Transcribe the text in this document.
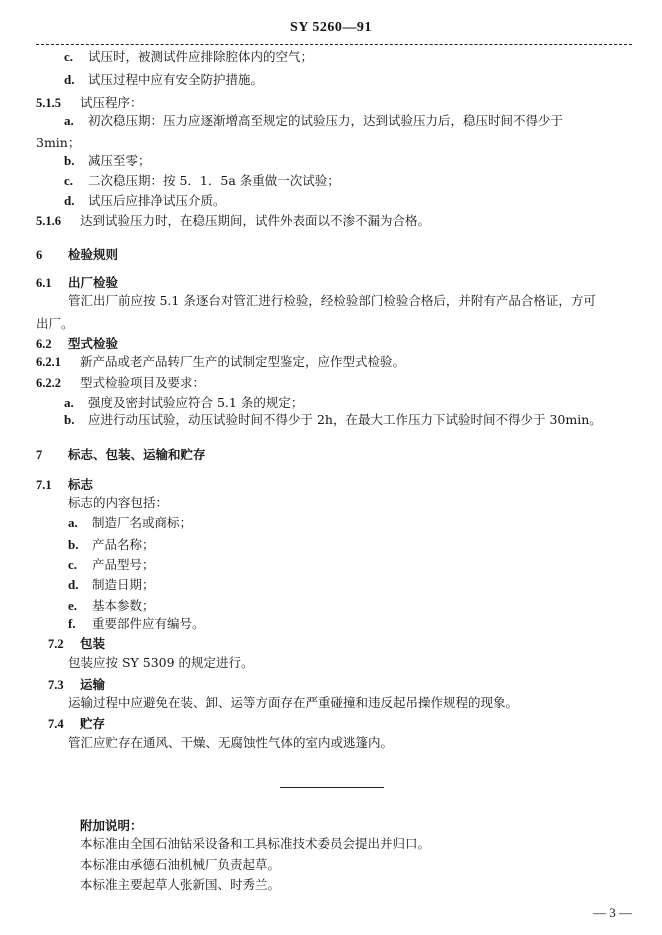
SY 5260—91
c. 试压时，被测试件应排除腔体内的空气；
d. 试压过程中应有安全防护措施。
5.1.5 试压程序：
a. 初次稳压期：压力应逐渐增高至规定的试验压力，达到试验压力后，稳压时间不得少于
3min；
b. 减压至零；
c. 二次稳压期：按 5．1．5a 条重做一次试验；
d. 试压后应排净试压介质。
5.1.6 达到试验压力时，在稳压期间，试件外表面以不渗不漏为合格。
6 检验规则
6.1 出厂检验
管汇出厂前应按 5.1 条逐台对管汇进行检验，经检验部门检验合格后，并附有产品合格证，方可
出厂。
6.2 型式检验
6.2.1 新产品或老产品转厂生产的试制定型鉴定，应作型式检验。
6.2.2 型式检验项目及要求：
a. 强度及密封试验应符合 5.1 条的规定；
b. 应进行动压试验，动压试验时间不得少于 2h，在最大工作压力下试验时间不得少于 30min。
7 标志、包装、运输和贮存
7.1 标志
标志的内容包括：
a. 制造厂名或商标；
b. 产品名称；
c. 产品型号；
d. 制造日期；
e. 基本参数；
f. 重要部件应有编号。
7.2 包装
包装应按 SY 5309 的规定进行。
7.3 运输
运输过程中应避免在装、卸、运等方面存在严重碰撞和违反起吊操作规程的现象。
7.4 贮存
管汇应贮存在通风、干燥、无腐蚀性气体的室内或逃篷内。
附加说明：
本标准由全国石油钻采设备和工具标准技术委员会提出并归口。
本标准由承德石油机械厂负责起草。
本标准主要起草人张新国、时秀兰。
— 3 —
